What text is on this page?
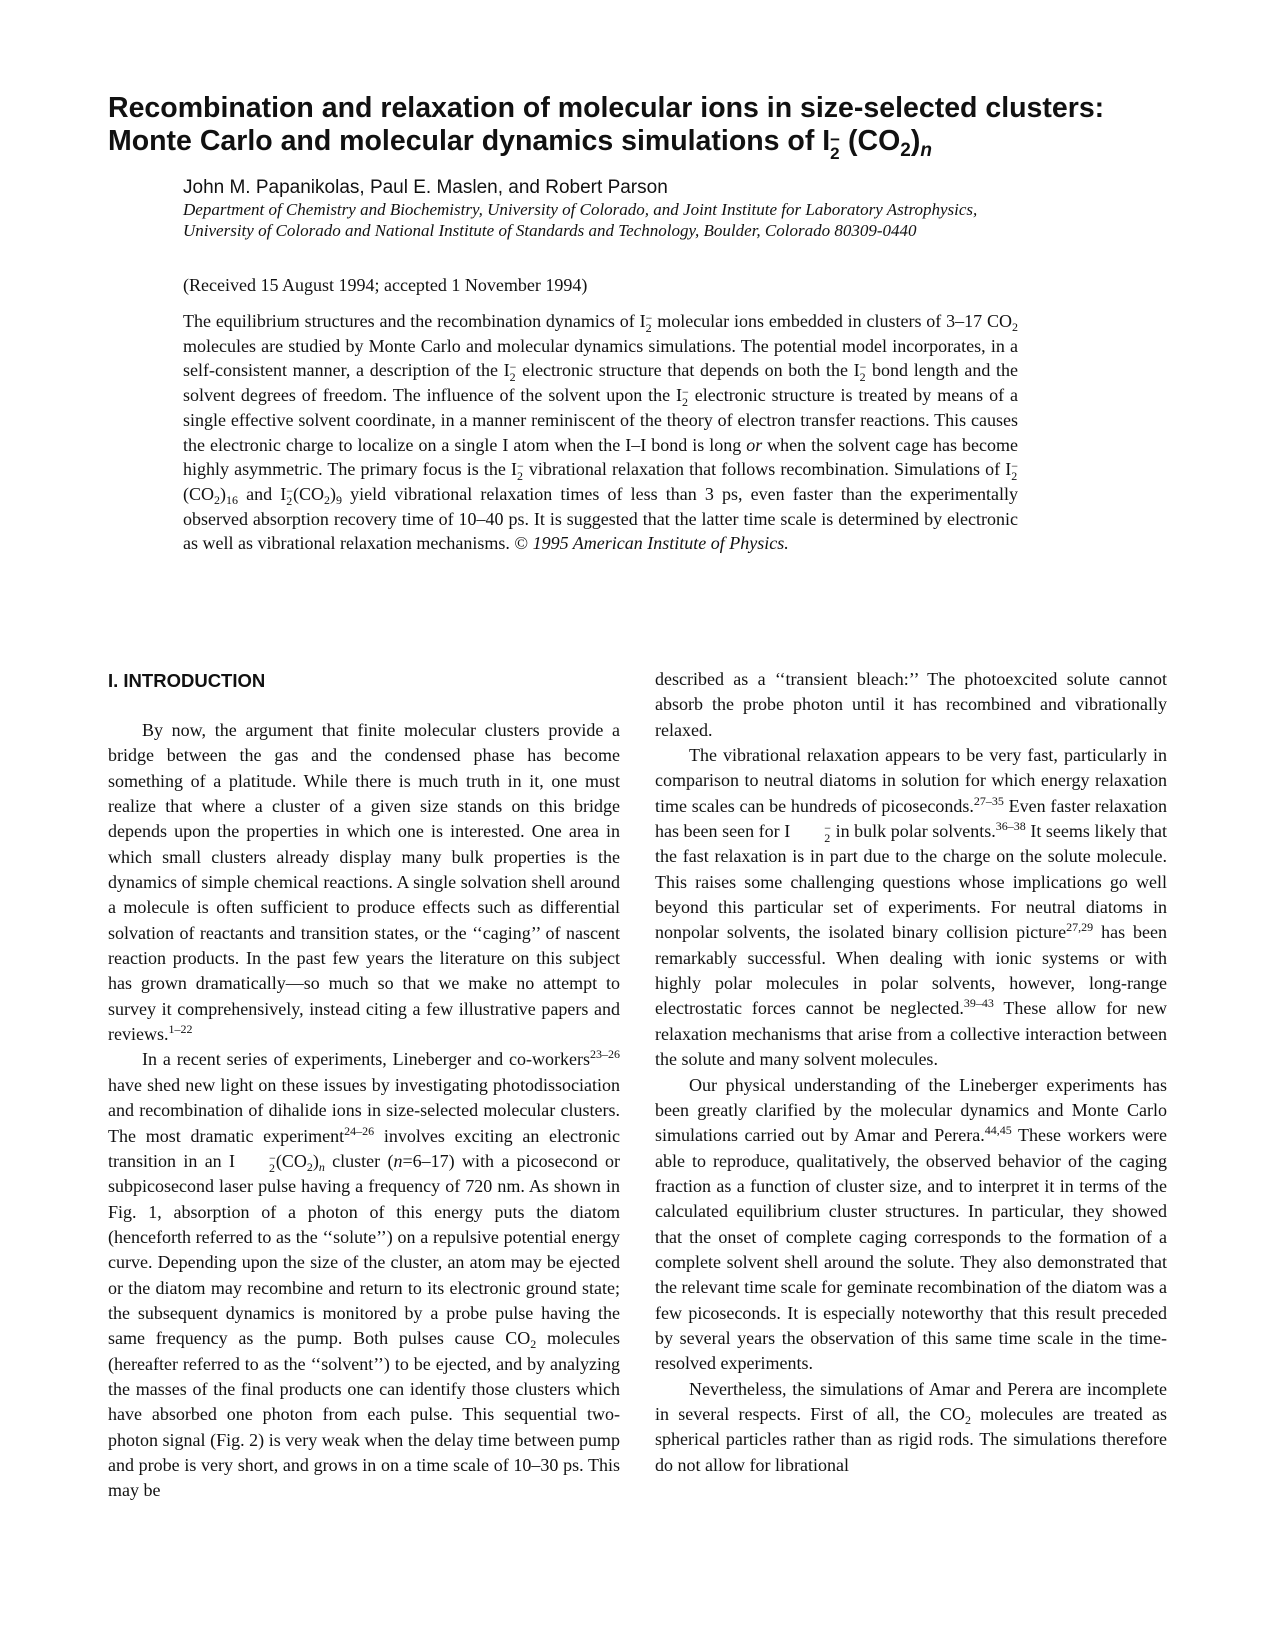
Recombination and relaxation of molecular ions in size-selected clusters:
Monte Carlo and molecular dynamics simulations of I −
2 $(CO_2)_n$
John M. Papanikolas, Paul E. Maslen, and Robert Parson
Department of Chemistry and Biochemistry, University of Colorado, and Joint Institute for Laboratory Astrophysics, University of Colorado and National Institute of Standards and Technology, Boulder, Colorado 80309-0440
(Received 15 August 1994; accepted 1 November 1994)

The equilibrium structures and the recombination dynamics of I −
2 molecular ions embedded in clusters of 3–17 $CO_2$ molecules are studied by Monte Carlo and molecular dynamics simulations. The potential model incorporates, in a self-consistent manner, a description of the I −
2 electronic structure that depends on both the I −
2 bond length and the solvent degrees of freedom. The influence of the solvent upon the I −
2 electronic structure is treated by means of a single effective solvent coordinate, in a manner reminiscent of the theory of electron transfer reactions. This causes the electronic charge to localize on a single I atom when the I–I bond is long or when the solvent cage has become highly asymmetric. The primary focus is the I −
2 vibrational relaxation that follows recombination. Simulations of I −
2
$(CO_2)_{16}$ and I −
2 $(CO_2)_9$ yield vibrational relaxation times of less than 3 ps, even faster than the experimentally observed absorption recovery time of 10–40 ps. It is suggested that the latter time scale is determined by electronic as well as vibrational relaxation mechanisms. © 1995 American Institute of Physics.

I. INTRODUCTION

By now, the argument that finite molecular clusters provide a bridge between the gas and the condensed phase has become something of a platitude. While there is much truth in it, one must realize that where a cluster of a given size stands on this bridge depends upon the properties in which one is interested. One area in which small clusters already display many bulk properties is the dynamics of simple chemical reactions. A single solvation shell around a molecule is often sufficient to produce effects such as differential solvation of reactants and transition states, or the ‘‘caging’’ of nascent reaction products. In the past few years the literature on this subject has grown dramatically—so much so that we make no attempt to survey it comprehensively, instead citing a few illustrative papers and reviews.$^{1-22}$

In a recent series of experiments, Lineberger and co-workers$^{23-26}$ have shed new light on these issues by investigating photodissociation and recombination of dihalide ions in size-selected molecular clusters. The most dramatic experiment$^{24-26}$ involves exciting an electronic transition in an I	−
2 $(CO_2)_n$ cluster (n=6–17) with a picosecond or subpicosecond laser pulse having a frequency of 720 nm. As shown in Fig. 1, absorption of a photon of this energy puts the diatom (henceforth referred to as the ‘‘solute’’) on a repulsive potential energy curve. Depending upon the size of the cluster, an atom may be ejected or the diatom may recombine and return to its electronic ground state; the subsequent dynamics is monitored by a probe pulse having the same frequency as the pump. Both pulses cause $CO_2$ molecules (hereafter referred to as the ‘‘solvent’’) to be ejected, and by analyzing the masses of the final products one can identify those clusters which have absorbed one photon from each pulse. This sequential two-photon signal (Fig. 2) is very weak when the delay time between pump and probe is very short, and grows in on a time scale of 10–30 ps. This may be

described as a ‘‘transient bleach:’’ The photoexcited solute cannot absorb the probe photon until it has recombined and vibrationally relaxed.

The vibrational relaxation appears to be very fast, particularly in comparison to neutral diatoms in solution for which energy relaxation time scales can be hundreds of picoseconds.$^{27-35}$ Even faster relaxation has been seen for I	−
2 in bulk polar solvents.$^{36-38}$ It seems likely that the fast relaxation is in part due to the charge on the solute molecule. This raises some challenging questions whose implications go well beyond this particular set of experiments. For neutral diatoms in nonpolar solvents, the isolated binary collision picture$^{27,29}$ has been remarkably successful. When dealing with ionic systems or with highly polar molecules in polar solvents, however, long-range electrostatic forces cannot be neglected.$^{39-43}$ These allow for new relaxation mechanisms that arise from a collective interaction between the solute and many solvent molecules.

Our physical understanding of the Lineberger experiments has been greatly clarified by the molecular dynamics and Monte Carlo simulations carried out by Amar and Perera.$^{44,45}$ These workers were able to reproduce, qualitatively, the observed behavior of the caging fraction as a function of cluster size, and to interpret it in terms of the calculated equilibrium cluster structures. In particular, they showed that the onset of complete caging corresponds to the formation of a complete solvent shell around the solute. They also demonstrated that the relevant time scale for geminate recombination of the diatom was a few picoseconds. It is especially noteworthy that this result preceded by several years the observation of this same time scale in the time-resolved experiments.

Nevertheless, the simulations of Amar and Perera are incomplete in several respects. First of all, the $CO_2$ molecules are treated as spherical particles rather than as rigid rods. The simulations therefore do not allow for librational
